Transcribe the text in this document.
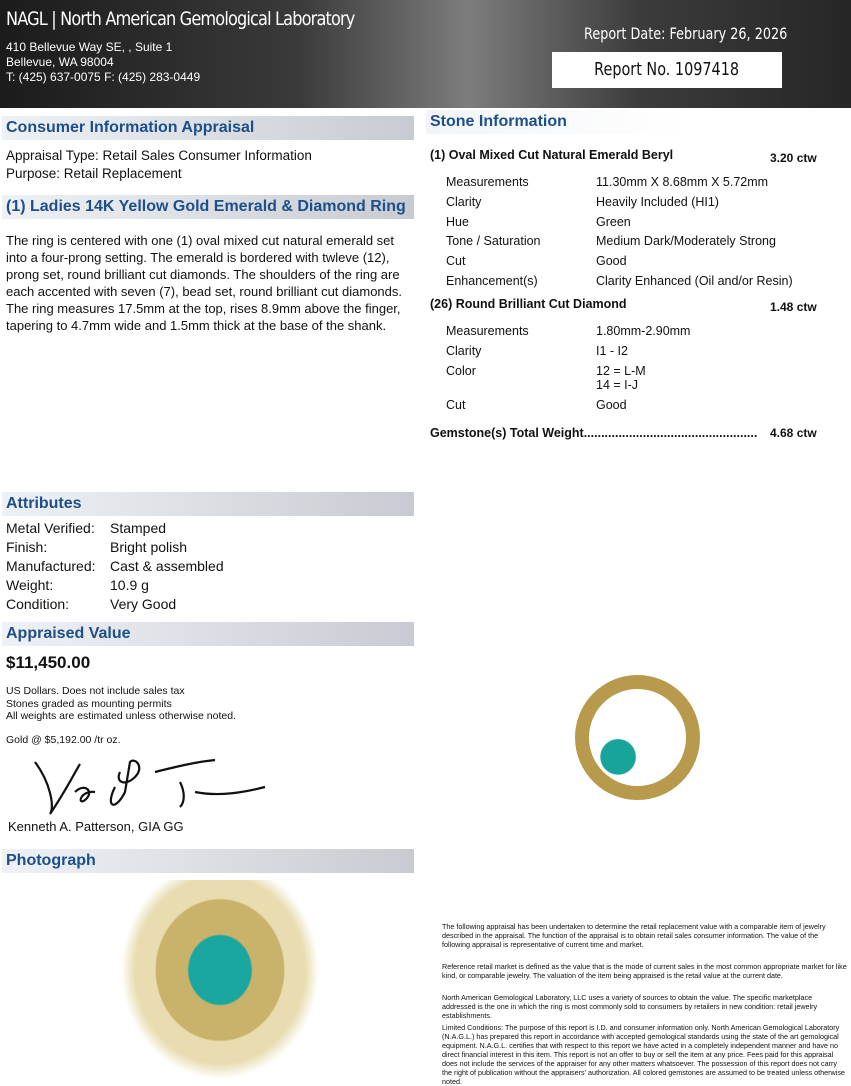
NAGL | North American Gemological Laboratory
410 Bellevue Way SE, , Suite 1
Bellevue, WA 98004
T: (425) 637-0075 F: (425) 283-0449
Report Date: February 26, 2026
Report No. 1097418
Consumer Information Appraisal
Appraisal Type: Retail Sales Consumer Information
Purpose: Retail Replacement
(1) Ladies 14K Yellow Gold Emerald & Diamond Ring
The ring is centered with one (1) oval mixed cut natural emerald set into a four-prong setting. The emerald is bordered with twleve (12), prong set, round brilliant cut diamonds. The shoulders of the ring are each accented with seven (7), bead set, round brilliant cut diamonds. The ring measures 17.5mm at the top, rises 8.9mm above the finger, tapering to 4.7mm wide and 1.5mm thick at the base of the shank.
Stone Information
(1) Oval Mixed Cut Natural Emerald Beryl	3.20 ctw
Measurements	11.30mm X 8.68mm X 5.72mm
Clarity	Heavily Included (HI1)
Hue	Green
Tone / Saturation	Medium Dark/Moderately Strong
Cut	Good
Enhancement(s)	Clarity Enhanced (Oil and/or Resin)
(26) Round Brilliant Cut Diamond	1.48 ctw
Measurements	1.80mm-2.90mm
Clarity	I1 - I2
Color	12 = L-M
14 = I-J
Cut	Good
Gemstone(s) Total Weight.................................................. 4.68 ctw
Attributes
Metal Verified: Stamped
Finish:	Bright polish
Manufactured: Cast & assembled
Weight:	10.9 g
Condition:	Very Good
Appraised Value
$11,450.00
US Dollars. Does not include sales tax
Stones graded as mounting permits
All weights are estimated unless otherwise noted.
Gold @ $5,192.00 /tr oz.
Kenneth A. Patterson, GIA GG
Photograph
The following appraisal has been undertaken to determine the retail replacement value with a comparable item of jewelry described in the appraisal. The function of the appraisal is to obtain retail sales consumer information. The value of the following appraisal is representative of current time and market.
Reference retail market is defined as the value that is the mode of current sales in the most common appropriate market for like kind, or comparable jewelry. The valuation of the item being appraised is the retail value at the current date.
North American Gemological Laboratory, LLC uses a variety of sources to obtain the value. The specific marketplace addressed is the one in which the ring is most commonly sold to consumers by retailers in new condition: retail jewelry establishments.
Limited Conditions: The purpose of this report is I.D. and consumer information only. North American Gemological Laboratory (N.A.G.L.) has prepared this report in accordance with accepted gemological standards using the state of the art gemological equipment. N.A.G.L. certifies that with respect to this report we have acted in a completely independent manner and have no direct financial interest in this item. This report is not an offer to buy or sell the item at any price. Fees paid for this appraisal does not include the services of the appraiser for any other matters whatsoever. The possession of this report does not carry the right of publication without the appraisers' authorization. All colored gemstones are assumed to be treated unless otherwise noted.
